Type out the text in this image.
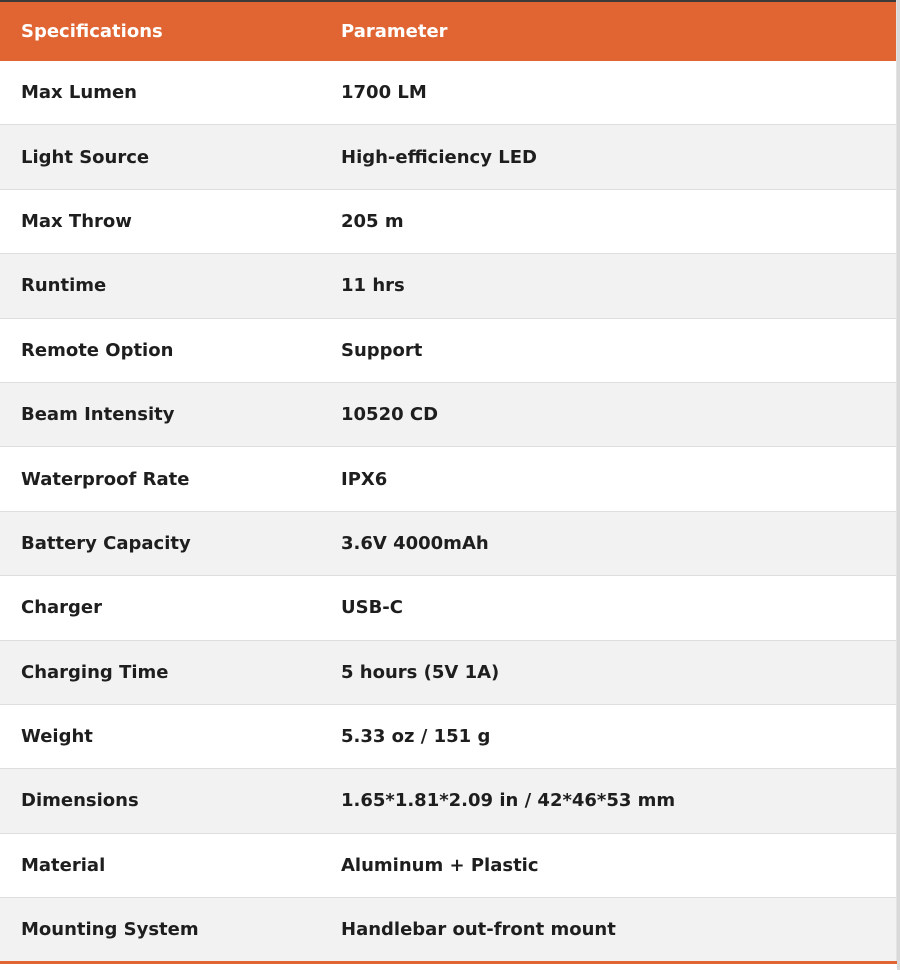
Specifications	Parameter
Max Lumen	1700 LM
Light Source	High-efficiency LED
Max Throw	205 m
Runtime	11 hrs
Remote Option	Support
Beam Intensity	10520 CD
Waterproof Rate	IPX6
Battery Capacity	3.6V 4000mAh
Charger	USB-C
Charging Time	5 hours (5V 1A)
Weight	5.33 oz / 151 g
Dimensions	1.65*1.81*2.09 in / 42*46*53 mm
Material	Aluminum + Plastic
Mounting System	Handlebar out-front mount
